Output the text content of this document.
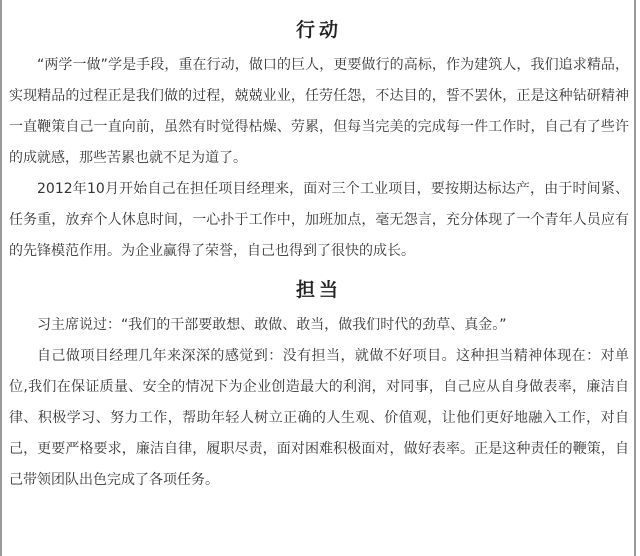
行动

“两学一做”学是手段，重在行动，做口的巨人，更要做行的高标，作为建筑人，我们追求精品，实现精品的过程正是我们做的过程，兢兢业业，任劳任怨，不达目的，誓不罢休，正是这种钻研精神一直鞭策自己一直向前，虽然有时觉得枯燥、劳累，但每当完美的完成每一件工作时，自己有了些许的成就感，那些苦累也就不足为道了。

2012年10月开始自己在担任项目经理来，面对三个工业项目，要按期达标达产，由于时间紧、任务重，放弃个人休息时间，一心扑于工作中，加班加点，毫无怨言，充分体现了一个青年人员应有的先锋模范作用。为企业赢得了荣誉，自己也得到了很快的成长。

担当

习主席说过：“我们的干部要敢想、敢做、敢当，做我们时代的劲草、真金。”

自己做项目经理几年来深深的感觉到：没有担当，就做不好项目。这种担当精神体现在：对单位,我们在保证质量、安全的情况下为企业创造最大的利润，对同事，自己应从自身做表率，廉洁自律、积极学习、努力工作，帮助年轻人树立正确的人生观、价值观，让他们更好地融入工作，对自己，更要严格要求，廉洁自律，履职尽责，面对困难积极面对，做好表率。正是这种责任的鞭策，自己带领团队出色完成了各项任务。
